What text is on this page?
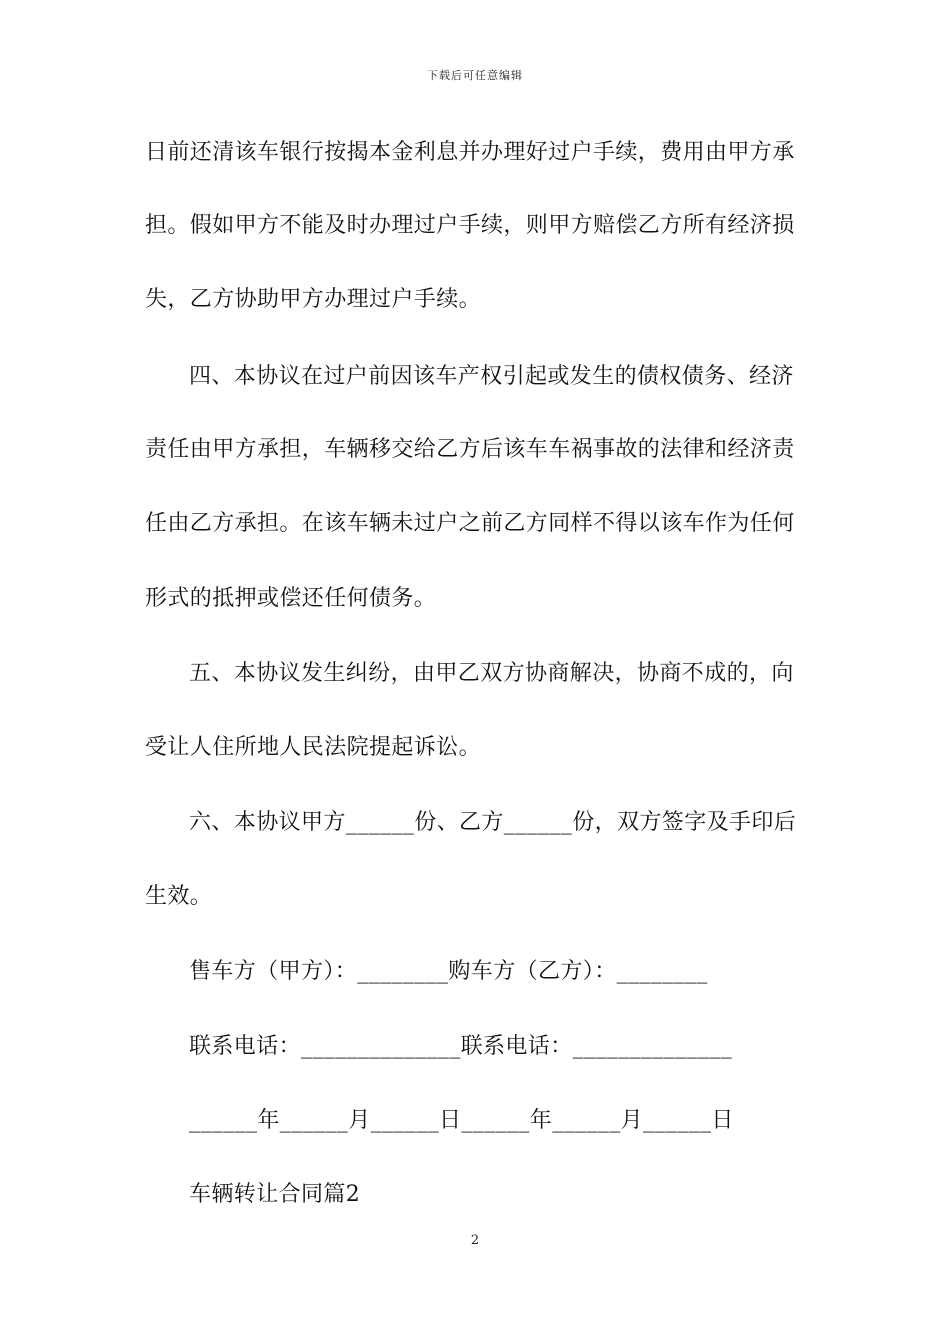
下载后可任意编辑
日前还清该车银行按揭本金利息并办理好过户手续，费用由甲方承
担。假如甲方不能及时办理过户手续，则甲方赔偿乙方所有经济损
失，乙方协助甲方办理过户手续。
四、本协议在过户前因该车产权引起或发生的债权债务、经济
责任由甲方承担，车辆移交给乙方后该车车祸事故的法律和经济责
任由乙方承担。在该车辆未过户之前乙方同样不得以该车作为任何
形式的抵押或偿还任何债务。
五、本协议发生纠纷，由甲乙双方协商解决，协商不成的，向
受让人住所地人民法院提起诉讼。
六、本协议甲方______份、乙方______份，双方签字及手印后
生效。
售车方（甲方）：________购车方（乙方）：________
联系电话：______________联系电话：______________
______年______月______日______年______月______日
车辆转让合同篇2
2
